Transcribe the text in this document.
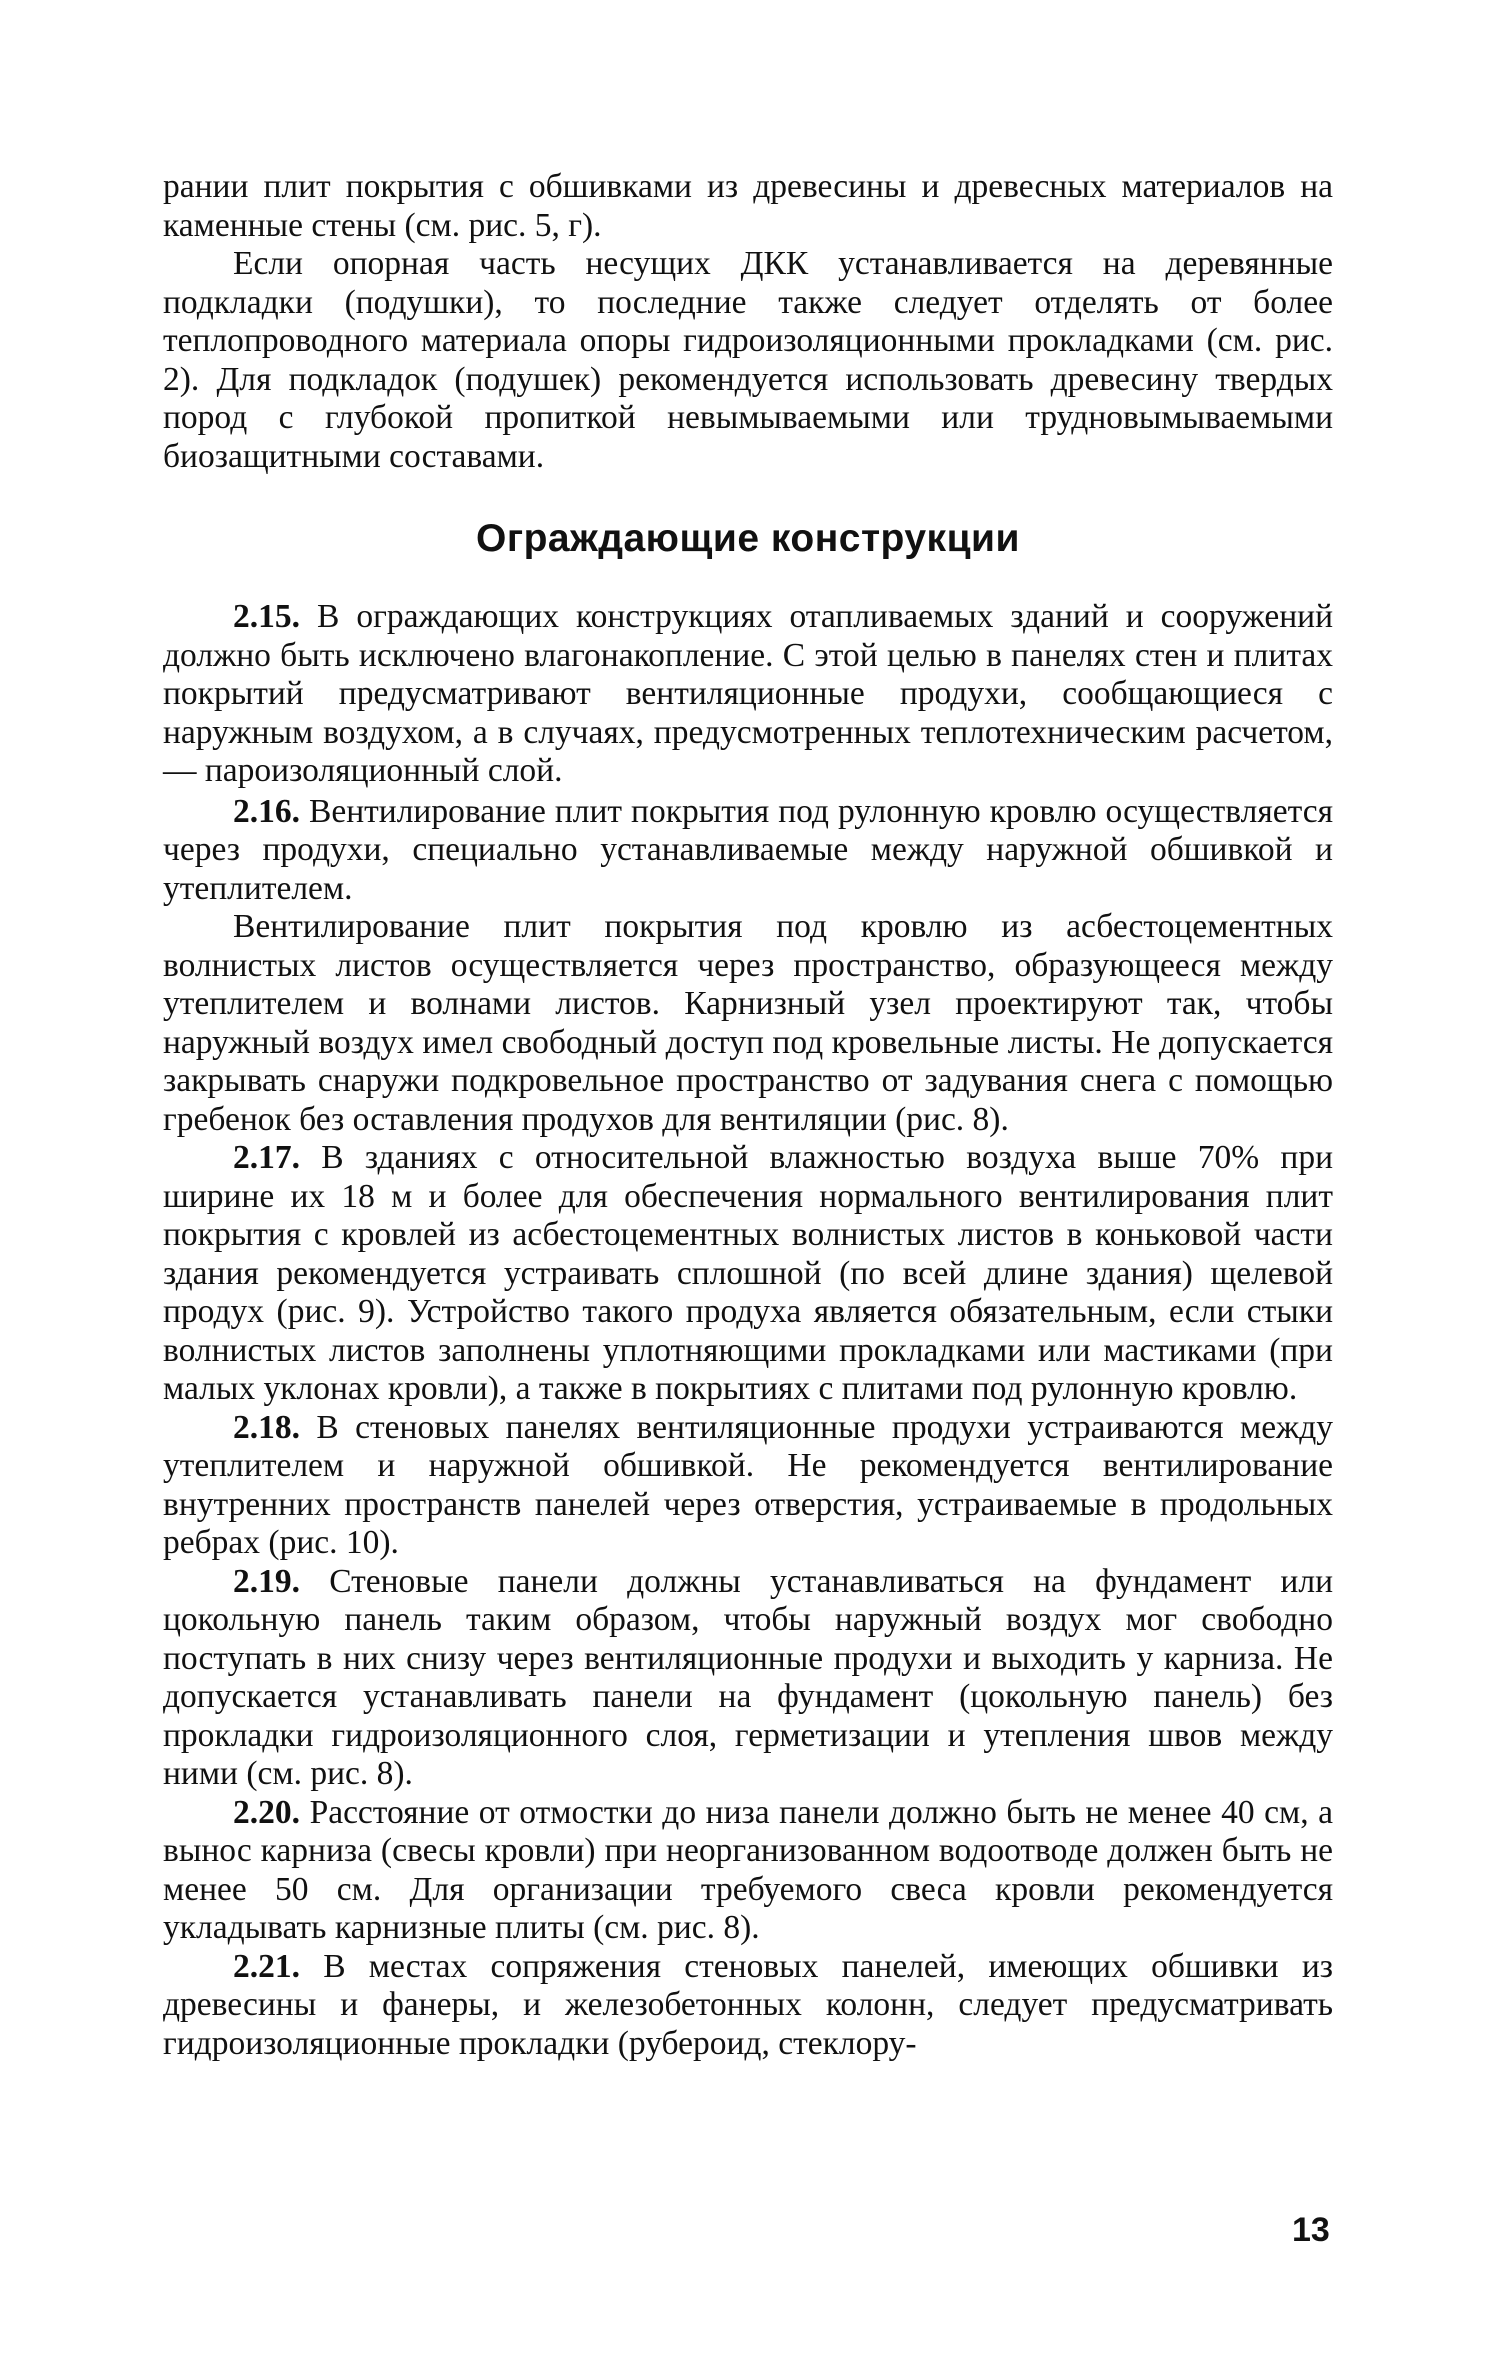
рании плит покрытия с обшивками из древесины и древесных материалов на каменные стены (см. рис. 5, г).

Если опорная часть несущих ДКК устанавливается на деревянные подкладки (подушки), то последние также следует отделять от более теплопроводного материала опоры гидроизоляционными прокладками (см. рис. 2). Для подкладок (подушек) рекомендуется использовать древесину твердых пород с глубокой пропиткой невымываемыми или трудновымываемыми биозащитными составами.

Ограждающие конструкции

2.15. В ограждающих конструкциях отапливаемых зданий и сооружений должно быть исключено влагонакопление. С этой целью в панелях стен и плитах покрытий предусматривают вентиляционные продухи, сообщающиеся с наружным воздухом, а в случаях, предусмотренных теплотехническим расчетом, — пароизоляционный слой.

2.16. Вентилирование плит покрытия под рулонную кровлю осуществляется через продухи, специально устанавливаемые между наружной обшивкой и утеплителем.

Вентилирование плит покрытия под кровлю из асбестоцементных волнистых листов осуществляется через пространство, образующееся между утеплителем и волнами листов. Карнизный узел проектируют так, чтобы наружный воздух имел свободный доступ под кровельные листы. Не допускается закрывать снаружи подкровельное пространство от задувания снега с помощью гребенок без оставления продухов для вентиляции (рис. 8).

2.17. В зданиях с относительной влажностью воздуха выше 70% при ширине их 18 м и более для обеспечения нормального вентилирования плит покрытия с кровлей из асбестоцементных волнистых листов в коньковой части здания рекомендуется устраивать сплошной (по всей длине здания) щелевой продух (рис. 9). Устройство такого продуха является обязательным, если стыки волнистых листов заполнены уплотняющими прокладками или мастиками (при малых уклонах кровли), а также в покрытиях с плитами под рулонную кровлю.

2.18. В стеновых панелях вентиляционные продухи устраиваются между утеплителем и наружной обшивкой. Не рекомендуется вентилирование внутренних пространств панелей через отверстия, устраиваемые в продольных ребрах (рис. 10).

2.19. Стеновые панели должны устанавливаться на фундамент или цокольную панель таким образом, чтобы наружный воздух мог свободно поступать в них снизу через вентиляционные продухи и выходить у карниза. Не допускается устанавливать панели на фундамент (цокольную панель) без прокладки гидроизоляционного слоя, герметизации и утепления швов между ними (см. рис. 8).

2.20. Расстояние от отмостки до низа панели должно быть не менее 40 см, а вынос карниза (свесы кровли) при неорганизованном водоотводе должен быть не менее 50 см. Для организации требуемого свеса кровли рекомендуется укладывать карнизные плиты (см. рис. 8).

2.21. В местах сопряжения стеновых панелей, имеющих обшивки из древесины и фанеры, и железобетонных колонн, следует предусматривать гидроизоляционные прокладки (рубероид, стеклору-

13
